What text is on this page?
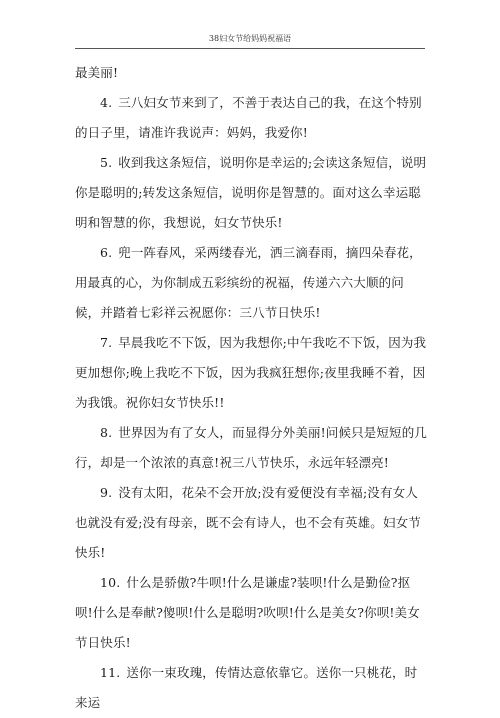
38妇女节给妈妈祝福语

最美丽!

4. 三八妇女节来到了，不善于表达自己的我，在这个特别的日子里，请准许我说声：妈妈，我爱你!

5. 收到我这条短信，说明你是幸运的;会读这条短信，说明你是聪明的;转发这条短信，说明你是智慧的。面对这么幸运聪明和智慧的你，我想说，妇女节快乐!

6. 兜一阵春风，采两缕春光，洒三滴春雨，摘四朵春花，用最真的心，为你制成五彩缤纷的祝福，传递六六大顺的问候，并踏着七彩祥云祝愿你：三八节日快乐!

7. 早晨我吃不下饭，因为我想你;中午我吃不下饭，因为我更加想你;晚上我吃不下饭，因为我疯狂想你;夜里我睡不着，因为我饿。祝你妇女节快乐!!

8. 世界因为有了女人，而显得分外美丽!问候只是短短的几行，却是一个浓浓的真意!祝三八节快乐，永远年轻漂亮!

9. 没有太阳，花朵不会开放;没有爱便没有幸福;没有女人也就没有爱;没有母亲，既不会有诗人，也不会有英雄。妇女节快乐!

10. 什么是骄傲?牛呗!什么是谦虚?装呗!什么是勤俭?抠呗!什么是奉献?傻呗!什么是聪明?吹呗!什么是美女?你呗!美女节日快乐!

11. 送你一束玫瑰，传情达意依靠它。送你一只桃花，时来运
